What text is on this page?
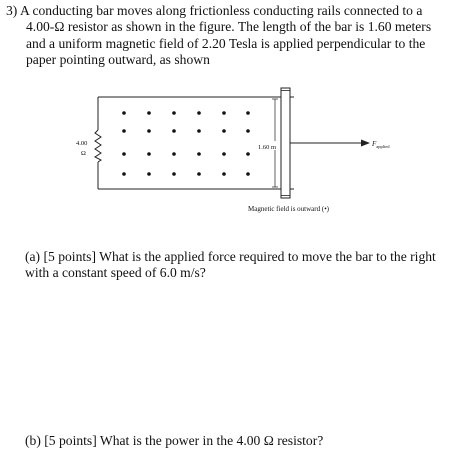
3) A conducting bar moves along frictionless conducting rails connected to a
4.00-Ω resistor as shown in the figure. The length of the bar is 1.60 meters
and a uniform magnetic field of 2.20 Tesla is applied perpendicular to the
paper pointing outward, as shown
4.00
Ω
1.60 m	$F_{applied}$
Magnetic field is outward (•)
(a) [5 points] What is the applied force required to move the bar to the right
with a constant speed of 6.0 m/s?
(b) [5 points] What is the power in the 4.00 Ω resistor?
